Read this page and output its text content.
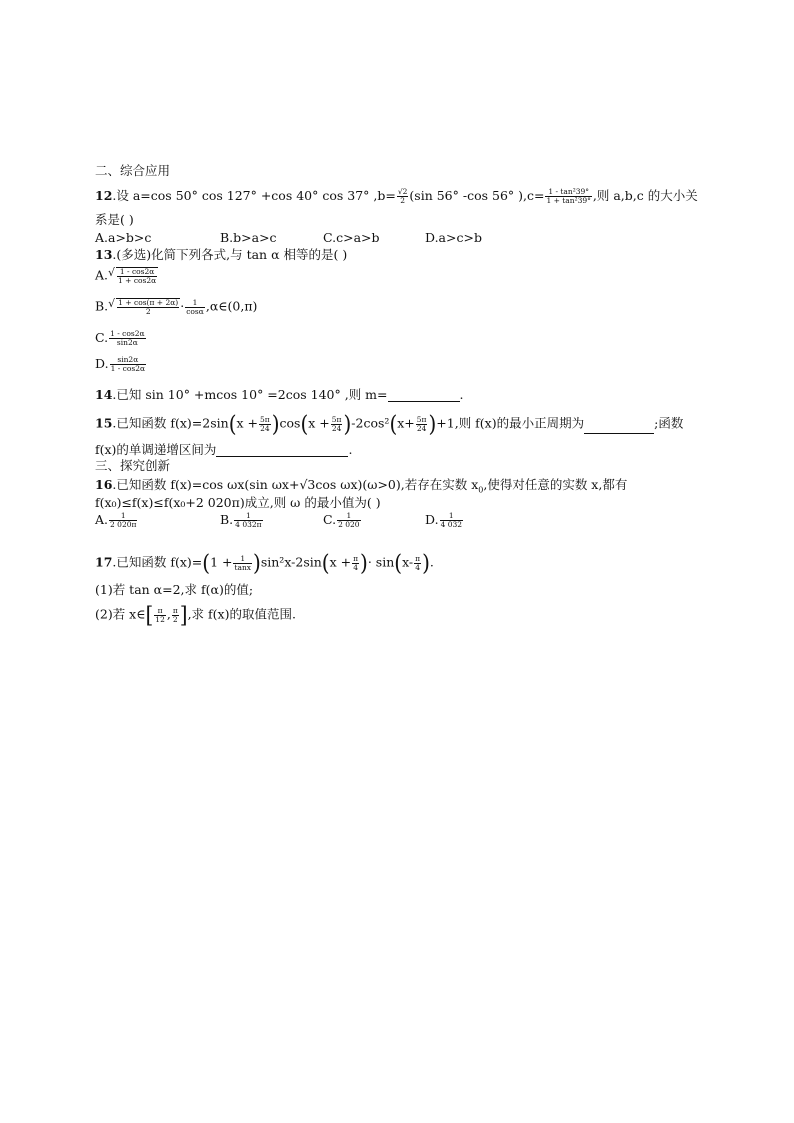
二、综合应用
12.设 a=cos 50° cos 127° +cos 40° cos 37° $,b= \frac{√2}{2} (\sin$ 56° -cos 56° )$,c= \frac{\text{1 - tan²39°}}{\text{1 + tan²39°}}$ ,则 a,b,c 的大小关
系是( )
A.a>b>c	B.b>a>c	C.c>a>b	D.a>c>b
13.(多选)化简下列各式,与 tan α 相等的是( )
A. √ $\frac{1 - \cos 2\alpha}{1 + \cos 2\alpha}$
B. √ $\frac{1 + \cos(\pi + 2\alpha)}{2} \cdot \frac{1}{\cos\alpha}$ ,α∈(0,π)
C. $\frac{1 - \cos 2\alpha}{\sin 2\alpha}$
D. $\frac{\sin 2\alpha}{1 - \cos 2\alpha}$
14.已知 sin 10° +mcos 10° =2cos 140° ,则 m=	.
15.已知函数 $f(x)=2\sin(x + \frac{5\pi}{24} )\cos(x + \frac{5\pi}{24} )-2\cos^2(x+ \frac{5\pi}{24} )+1$,则 f(x)的最小正周期为	;函数
f(x)的单调递增区间为	.
三、探究创新
16.已知函数 f(x)=cos ωx(sin ωx+√3cos ωx)(ω>0),若存在实数 $x_0$,使得对任意的实数 x,都有
f(x₀)≤f(x)≤f(x₀+2 020π)成立,则 ω 的最小值为( )
A. $\frac{1}{2 020\pi}$	B. $\frac{1}{4 032\pi}$	C. $\frac{1}{2 020}$	D. $\frac{1}{4 032}$
17.已知函数 $f(x)=(1 + \frac{1}{\tan x} )\sin^2x-2\sin(x + \frac{\pi}{4}$ )· $\sin(x- \frac{\pi}{4}$ ).
(1)若 tan α=2,求 f(α)的值;
(2)若 x∈[ $\frac{\pi}{12}$ , $\frac{\pi}{2}$ ],求 f(x)的取值范围.
